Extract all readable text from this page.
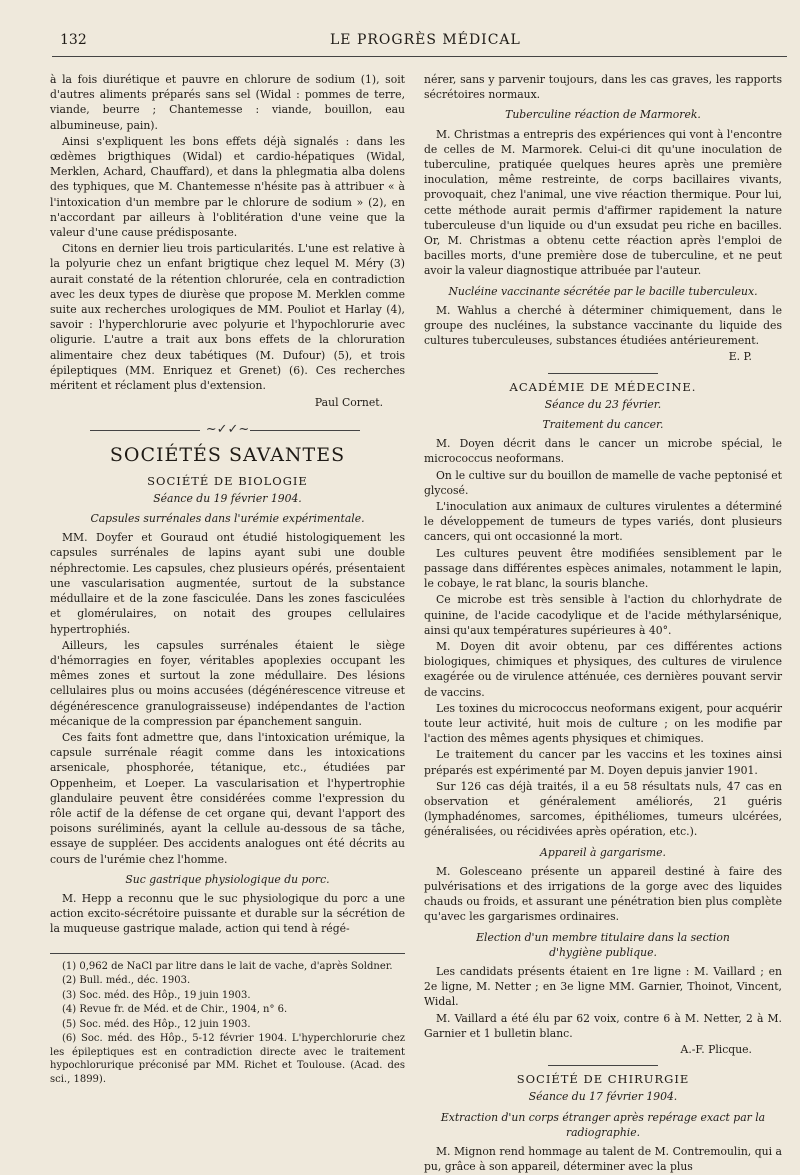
132	LE PROGRÈS MÉDICAL

à la fois diurétique et pauvre en chlorure de sodium (1), soit d'autres aliments préparés sans sel (Widal : pommes de terre, viande, beurre ; Chantemesse : viande, bouillon, eau albumineuse, pain).

Ainsi s'expliquent les bons effets déjà signalés : dans les œdèmes brigthiques (Widal) et cardio-hépatiques (Widal, Merklen, Achard, Chauffard), et dans la phlegmatia alba dolens des typhiques, que M. Chantemesse n'hésite pas à attribuer « à l'intoxication d'un membre par le chlorure de sodium » (2), en n'accordant par ailleurs à l'oblitération d'une veine que la valeur d'une cause prédisposante.

Citons en dernier lieu trois particularités. L'une est relative à la polyurie chez un enfant brigtique chez lequel M. Méry (3) aurait constaté de la rétention chlorurée, cela en contradiction avec les deux types de diurèse que propose M. Merklen comme suite aux recherches urologiques de MM. Pouliot et Harlay (4), savoir : l'hyperchlorurie avec polyurie et l'hypochlorurie avec oligurie. L'autre a trait aux bons effets de la chloruration alimentaire chez deux tabétiques (M. Dufour) (5), et trois épileptiques (MM. Enriquez et Grenet) (6). Ces recherches méritent et réclament plus d'extension.

Paul Cornet.

~✓✓~
SOCIÉTÉS SAVANTES
SOCIÉTÉ DE BIOLOGIE
Séance du 19 février 1904.
Capsules surrénales dans l'urémie expérimentale.

MM. Doyfer et Gouraud ont étudié histologiquement les capsules surrénales de lapins ayant subi une double néphrectomie. Les capsules, chez plusieurs opérés, présentaient une vascularisation augmentée, surtout de la substance médullaire et de la zone fasciculée. Dans les zones fasciculées et glomérulaires, on notait des groupes cellulaires hypertrophiés.

Ailleurs, les capsules surrénales étaient le siège d'hémorragies en foyer, véritables apoplexies occupant les mêmes zones et surtout la zone médullaire. Des lésions cellulaires plus ou moins accusées (dégénérescence vitreuse et dégénérescence granulograisseuse) indépendantes de l'action mécanique de la compression par épanchement sanguin.

Ces faits font admettre que, dans l'intoxication urémique, la capsule surrénale réagit comme dans les intoxications arsenicale, phosphorée, tétanique, etc., étudiées par Oppenheim, et Loeper. La vascularisation et l'hypertrophie glandulaire peuvent être considérées comme l'expression du rôle actif de la défense de cet organe qui, devant l'apport des poisons suréliminés, ayant la cellule au-dessous de sa tâche, essaye de suppléer. Des accidents analogues ont été décrits au cours de l'urémie chez l'homme.

Suc gastrique physiologique du porc.

M. Hepp a reconnu que le suc physiologique du porc a une action excito-sécrétoire puissante et durable sur la sécrétion de la muqueuse gastrique malade, action qui tend à régé-

(1) 0,962 de NaCl par litre dans le lait de vache, d'après Soldner.

(2) Bull. méd., déc. 1903.

(3) Soc. méd. des Hôp., 19 juin 1903.

(4) Revue fr. de Méd. et de Chir., 1904, n° 6.

(5) Soc. méd. des Hôp., 12 juin 1903.

(6) Soc. méd. des Hôp., 5-12 février 1904. L'hyperchlorurie chez les épileptiques est en contradiction directe avec le traitement hypochlorurique préconisé par MM. Richet et Toulouse. (Acad. des sci., 1899).

nérer, sans y parvenir toujours, dans les cas graves, les rapports sécrétoires normaux.

Tuberculine réaction de Marmorek.

M. Christmas a entrepris des expériences qui vont à l'encontre de celles de M. Marmorek. Celui-ci dit qu'une inoculation de tuberculine, pratiquée quelques heures après une première inoculation, même restreinte, de corps bacillaires vivants, provoquait, chez l'animal, une vive réaction thermique. Pour lui, cette méthode aurait permis d'affirmer rapidement la nature tuberculeuse d'un liquide ou d'un exsudat peu riche en bacilles. Or, M. Christmas a obtenu cette réaction après l'emploi de bacilles morts, d'une première dose de tuberculine, et ne peut avoir la valeur diagnostique attribuée par l'auteur.

Nucléine vaccinante sécrétée par le bacille tuberculeux.

M. Wahlus a cherché à déterminer chimiquement, dans le groupe des nucléines, la substance vaccinante du liquide des cultures tuberculeuses, substances étudiées antérieurement.

E. P.

ACADÉMIE DE MÉDECINE.
Séance du 23 février.
Traitement du cancer.

M. Doyen décrit dans le cancer un microbe spécial, le micrococcus neoformans.

On le cultive sur du bouillon de mamelle de vache peptonisé et glycosé.

L'inoculation aux animaux de cultures virulentes a déterminé le développement de tumeurs de types variés, dont plusieurs cancers, qui ont occasionné la mort.

Les cultures peuvent être modifiées sensiblement par le passage dans différentes espèces animales, notamment le lapin, le cobaye, le rat blanc, la souris blanche.

Ce microbe est très sensible à l'action du chlorhydrate de quinine, de l'acide cacodylique et de l'acide méthylarsénique, ainsi qu'aux températures supérieures à 40°.

M. Doyen dit avoir obtenu, par ces différentes actions biologiques, chimiques et physiques, des cultures de virulence exagérée ou de virulence atténuée, ces dernières pouvant servir de vaccins.

Les toxines du micrococcus neoformans exigent, pour acquérir toute leur activité, huit mois de culture ; on les modifie par l'action des mêmes agents physiques et chimiques.

Le traitement du cancer par les vaccins et les toxines ainsi préparés est expérimenté par M. Doyen depuis janvier 1901.

Sur 126 cas déjà traités, il a eu 58 résultats nuls, 47 cas en observation et généralement améliorés, 21 guéris (lymphadénomes, sarcomes, épithéliomes, tumeurs ulcérées, généralisées, ou récidivées après opération, etc.).

Appareil à gargarisme.

M. Golesceano présente un appareil destiné à faire des pulvérisations et des irrigations de la gorge avec des liquides chauds ou froids, et assurant une pénétration bien plus complète qu'avec les gargarismes ordinaires.

Election d'un membre titulaire dans la section
d'hygiène publique.

Les candidats présents étaient en 1re ligne : M. Vaillard ; en 2e ligne, M. Netter ; en 3e ligne MM. Garnier, Thoinot, Vincent, Widal.

M. Vaillard a été élu par 62 voix, contre 6 à M. Netter, 2 à M. Garnier et 1 bulletin blanc.

A.-F. Plicque.

SOCIÉTÉ DE CHIRURGIE
Séance du 17 février 1904.
Extraction d'un corps étranger après repérage exact par la
radiographie.

M. Mignon rend hommage au talent de M. Contremoulin, qui a pu, grâce à son appareil, déterminer avec la plus
